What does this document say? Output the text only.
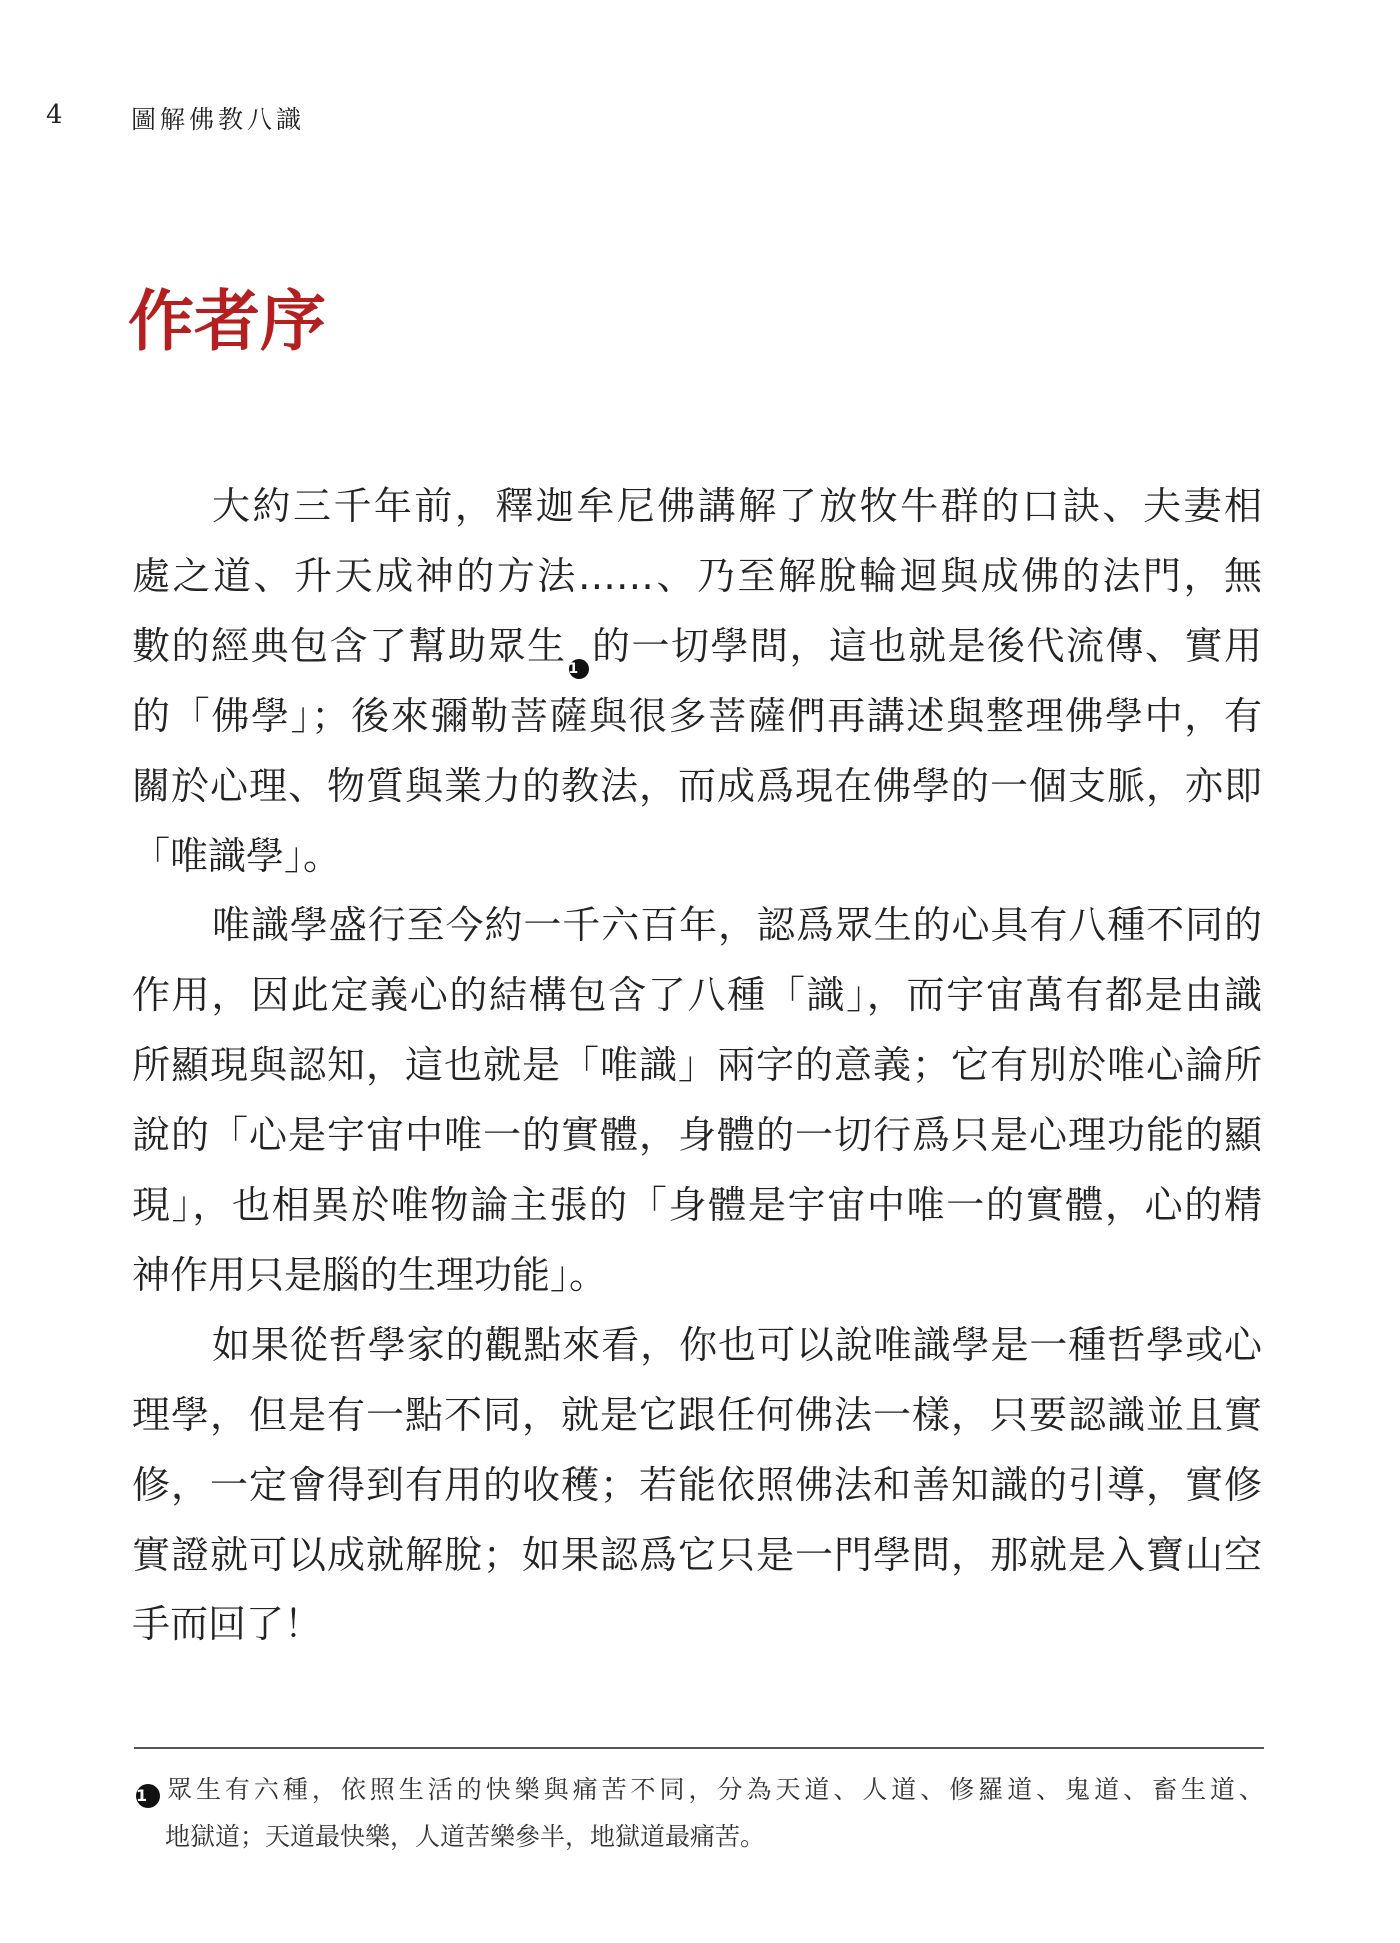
4	圖解佛教八識
作者序
大約三千年前，釋迦牟尼佛講解了放牧牛群的口訣、夫妻相
處之道、升天成神的方法……、乃至解脫輪迴與成佛的法門，無
數的經典包含了幫助眾生1的一切學問，這也就是後代流傳、實用
的「佛學」；後來彌勒菩薩與很多菩薩們再講述與整理佛學中，有
關於心理、物質與業力的教法，而成爲現在佛學的一個支脈，亦即
「唯識學」。
唯識學盛行至今約一千六百年，認爲眾生的心具有八種不同的
作用，因此定義心的結構包含了八種「識」，而宇宙萬有都是由識
所顯現與認知，這也就是「唯識」兩字的意義；它有別於唯心論所
說的「心是宇宙中唯一的實體，身體的一切行爲只是心理功能的顯
現」，也相異於唯物論主張的「身體是宇宙中唯一的實體，心的精
神作用只是腦的生理功能」。
如果從哲學家的觀點來看，你也可以說唯識學是一種哲學或心
理學，但是有一點不同，就是它跟任何佛法一樣，只要認識並且實
修，一定會得到有用的收穫；若能依照佛法和善知識的引導，實修
實證就可以成就解脫；如果認爲它只是一門學問，那就是入寶山空
手而回了！
1 眾生有六種，依照生活的快樂與痛苦不同，分為天道、人道、修羅道、鬼道、畜生道、
地獄道；天道最快樂，人道苦樂參半，地獄道最痛苦。
